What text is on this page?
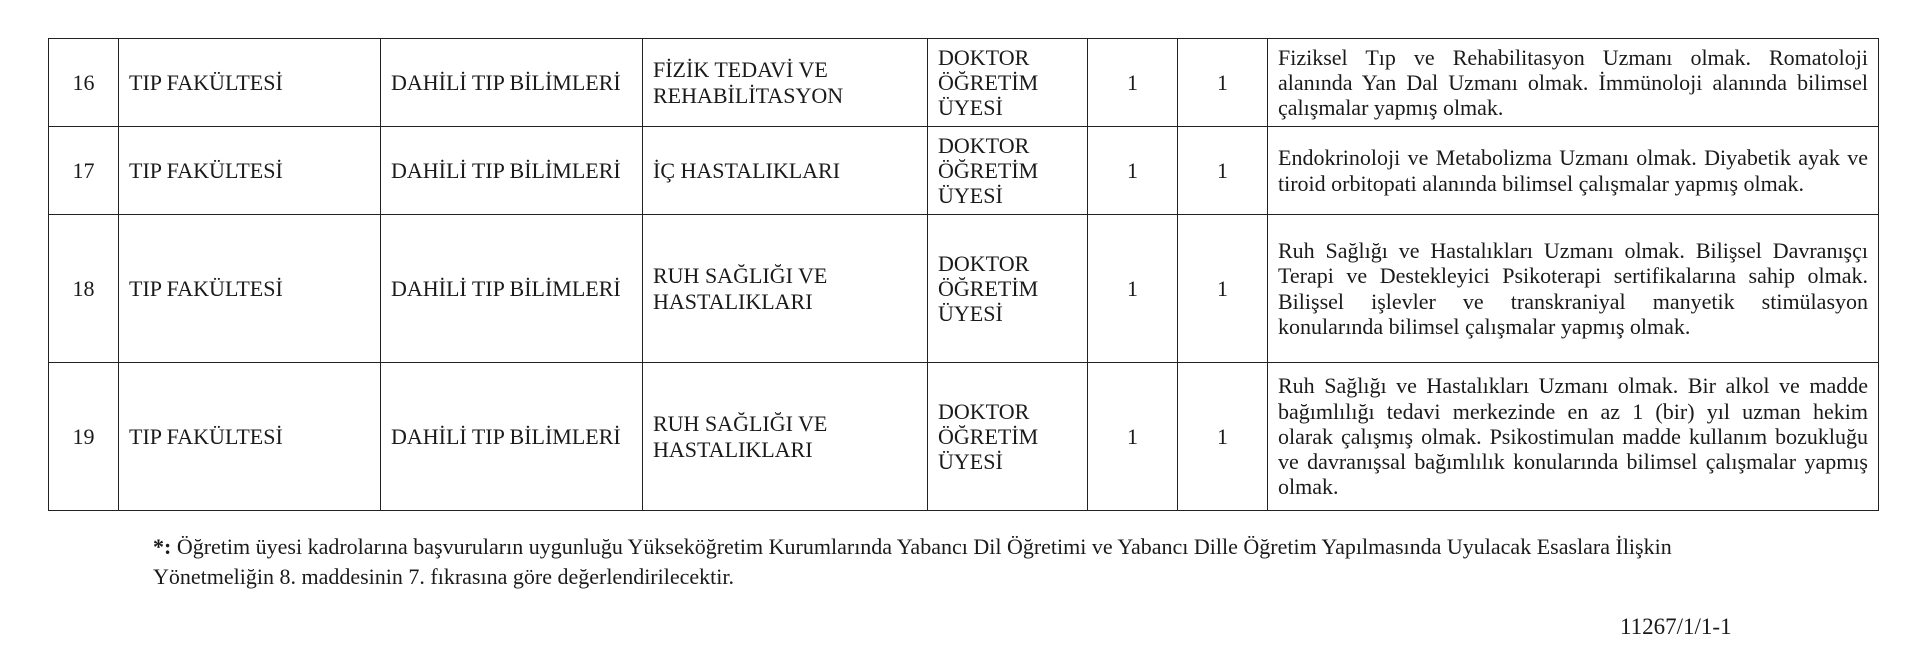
16	TIP FAKÜLTESİ	DAHİLİ TIP BİLİMLERİ	FİZİK TEDAVİ VE REHABİLİTASYON	DOKTOR ÖĞRETİM ÜYESİ	1	1	Fiziksel Tıp ve Rehabilitasyon Uzmanı olmak. Romatoloji alanında Yan Dal Uzmanı olmak. İmmünoloji alanında bilimsel çalışmalar yapmış olmak.
17	TIP FAKÜLTESİ	DAHİLİ TIP BİLİMLERİ	İÇ HASTALIKLARI	DOKTOR ÖĞRETİM ÜYESİ	1	1	Endokrinoloji ve Metabolizma Uzmanı olmak. Diyabetik ayak ve tiroid orbitopati alanında bilimsel çalışmalar yapmış olmak.
18	TIP FAKÜLTESİ	DAHİLİ TIP BİLİMLERİ	RUH SAĞLIĞI VE HASTALIKLARI	DOKTOR ÖĞRETİM ÜYESİ	1	1	Ruh Sağlığı ve Hastalıkları Uzmanı olmak. Bilişsel Davranışçı Terapi ve Destekleyici Psikoterapi sertifikalarına sahip olmak. Bilişsel işlevler ve transkraniyal manyetik stimülasyon konularında bilimsel çalışmalar yapmış olmak.
19	TIP FAKÜLTESİ	DAHİLİ TIP BİLİMLERİ	RUH SAĞLIĞI VE HASTALIKLARI	DOKTOR ÖĞRETİM ÜYESİ	1	1	Ruh Sağlığı ve Hastalıkları Uzmanı olmak. Bir alkol ve madde bağımlılığı tedavi merkezinde en az 1 (bir) yıl uzman hekim olarak çalışmış olmak. Psikostimulan madde kullanım bozukluğu ve davranışsal bağımlılık konularında bilimsel çalışmalar yapmış olmak.
*: Öğretim üyesi kadrolarına başvuruların uygunluğu Yükseköğretim Kurumlarında Yabancı Dil Öğretimi ve Yabancı Dille Öğretim Yapılmasında Uyulacak Esaslara İlişkin Yönetmeliğin 8. maddesinin 7. fıkrasına göre değerlendirilecektir.
11267/1/1-1
